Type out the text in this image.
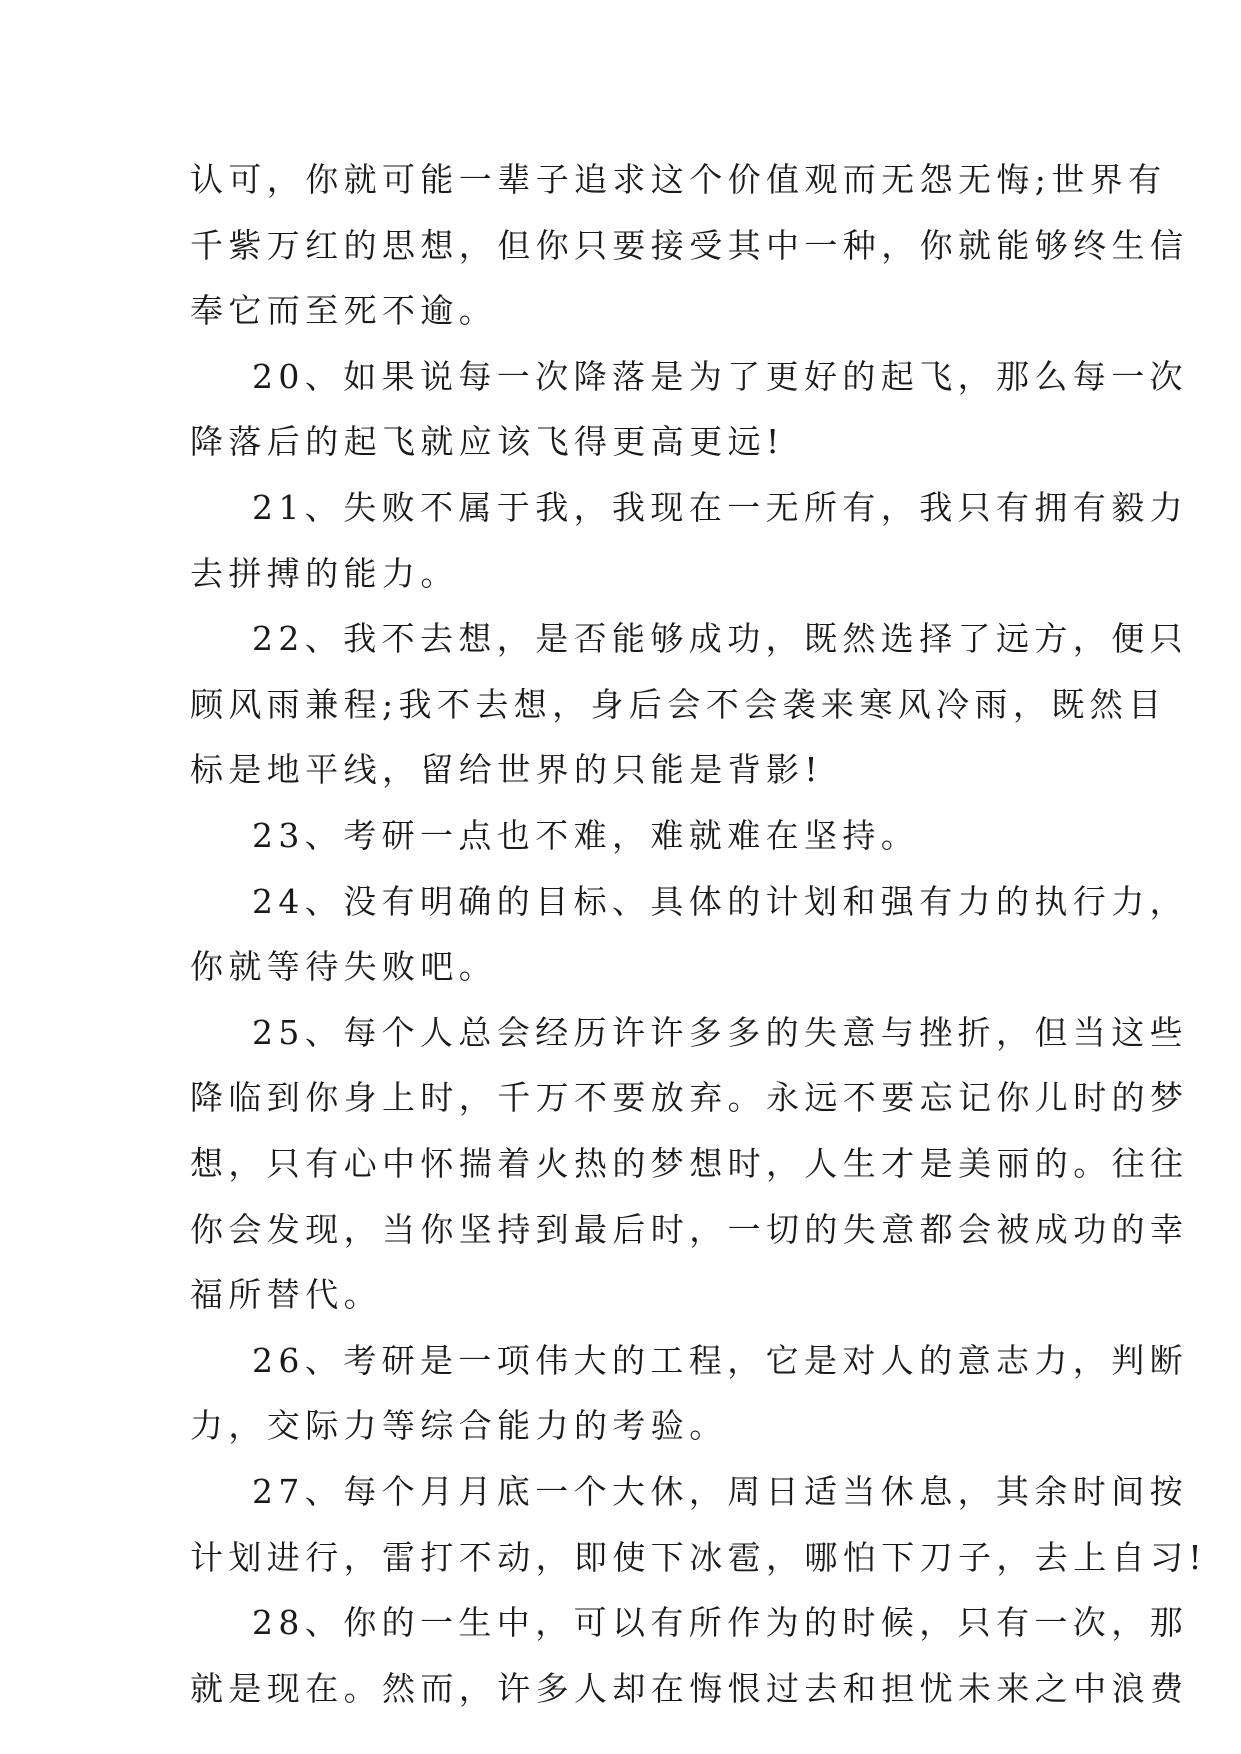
认可，你就可能一辈子追求这个价值观而无怨无悔;世界有
千紫万红的思想，但你只要接受其中一种，你就能够终生信
奉它而至死不逾。
20、如果说每一次降落是为了更好的起飞，那么每一次
降落后的起飞就应该飞得更高更远!
21、失败不属于我，我现在一无所有，我只有拥有毅力
去拼搏的能力。
22、我不去想，是否能够成功，既然选择了远方，便只
顾风雨兼程;我不去想，身后会不会袭来寒风冷雨，既然目
标是地平线，留给世界的只能是背影!
23、考研一点也不难，难就难在坚持。
24、没有明确的目标、具体的计划和强有力的执行力，
你就等待失败吧。
25、每个人总会经历许许多多的失意与挫折，但当这些
降临到你身上时，千万不要放弃。永远不要忘记你儿时的梦
想，只有心中怀揣着火热的梦想时，人生才是美丽的。往往
你会发现，当你坚持到最后时，一切的失意都会被成功的幸
福所替代。
26、考研是一项伟大的工程，它是对人的意志力，判断
力，交际力等综合能力的考验。
27、每个月月底一个大休，周日适当休息，其余时间按
计划进行，雷打不动，即使下冰雹，哪怕下刀子，去上自习!
28、你的一生中，可以有所作为的时候，只有一次，那
就是现在。然而，许多人却在悔恨过去和担忧未来之中浪费
